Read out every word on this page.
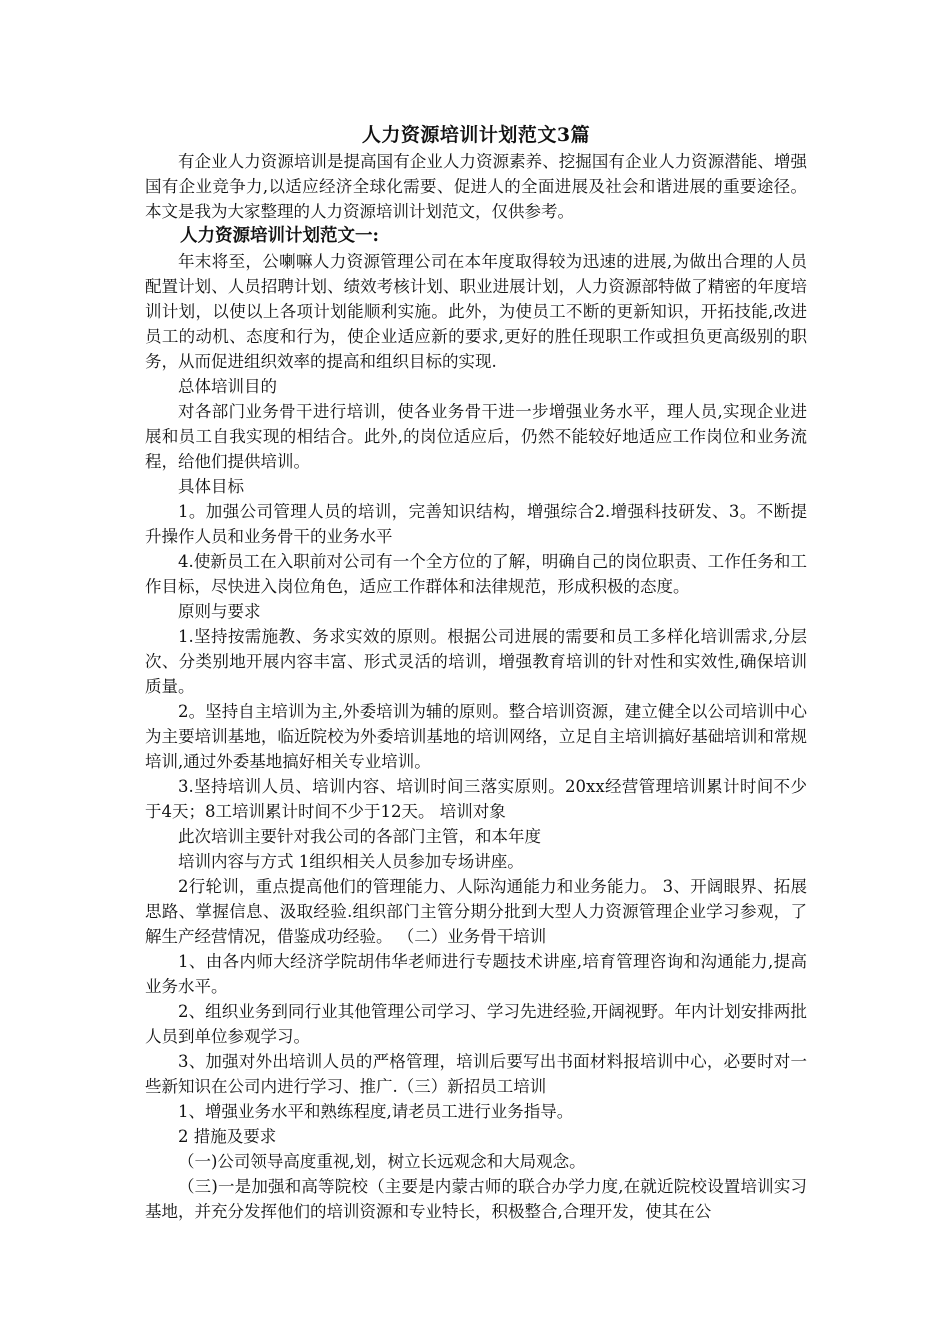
人力资源培训计划范文3篇

有企业人力资源培训是提高国有企业人力资源素养、挖掘国有企业人力资源潜能、增强国有企业竞争力,以适应经济全球化需要、促进人的全面进展及社会和谐进展的重要途径。本文是我为大家整理的人力资源培训计划范文，仅供参考。

人力资源培训计划范文一:

年末将至，公喇嘛人力资源管理公司在本年度取得较为迅速的进展,为做出合理的人员配置计划、人员招聘计划、绩效考核计划、职业进展计划，人力资源部特做了精密的年度培训计划，以使以上各项计划能顺利实施。此外，为使员工不断的更新知识，开拓技能,改进员工的动机、态度和行为，使企业适应新的要求,更好的胜任现职工作或担负更高级别的职务，从而促进组织效率的提高和组织目标的实现.

总体培训目的

对各部门业务骨干进行培训，使各业务骨干进一步增强业务水平，理人员,实现企业进展和员工自我实现的相结合。此外,的岗位适应后，仍然不能较好地适应工作岗位和业务流程，给他们提供培训。

具体目标

1。加强公司管理人员的培训，完善知识结构，增强综合2.增强科技研发、3。不断提升操作人员和业务骨干的业务水平

4.使新员工在入职前对公司有一个全方位的了解，明确自己的岗位职责、工作任务和工作目标，尽快进入岗位角色，适应工作群体和法律规范，形成积极的态度。

原则与要求

1.坚持按需施教、务求实效的原则。根据公司进展的需要和员工多样化培训需求,分层次、分类别地开展内容丰富、形式灵活的培训，增强教育培训的针对性和实效性,确保培训质量。

2。坚持自主培训为主,外委培训为辅的原则。整合培训资源，建立健全以公司培训中心为主要培训基地，临近院校为外委培训基地的培训网络，立足自主培训搞好基础培训和常规培训,通过外委基地搞好相关专业培训。

3.坚持培训人员、培训内容、培训时间三落实原则。20xx经营管理培训累计时间不少于4天；8工培训累计时间不少于12天。 培训对象

此次培训主要针对我公司的各部门主管，和本年度

培训内容与方式 1组织相关人员参加专场讲座。

2行轮训，重点提高他们的管理能力、人际沟通能力和业务能力。 3、开阔眼界、拓展思路、掌握信息、汲取经验.组织部门主管分期分批到大型人力资源管理企业学习参观，了解生产经营情况，借鉴成功经验。 （二）业务骨干培训

1、由各内师大经济学院胡伟华老师进行专题技术讲座,培育管理咨询和沟通能力,提高业务水平。

2、组织业务到同行业其他管理公司学习、学习先进经验,开阔视野。年内计划安排两批人员到单位参观学习。

3、加强对外出培训人员的严格管理，培训后要写出书面材料报培训中心，必要时对一些新知识在公司内进行学习、推广.（三）新招员工培训

1、增强业务水平和熟练程度,请老员工进行业务指导。

2 措施及要求

（一)公司领导高度重视,划，树立长远观念和大局观念。

（三)一是加强和高等院校（主要是内蒙古师的联合办学力度,在就近院校设置培训实习基地，并充分发挥他们的培训资源和专业特长，积极整合,合理开发，使其在公
